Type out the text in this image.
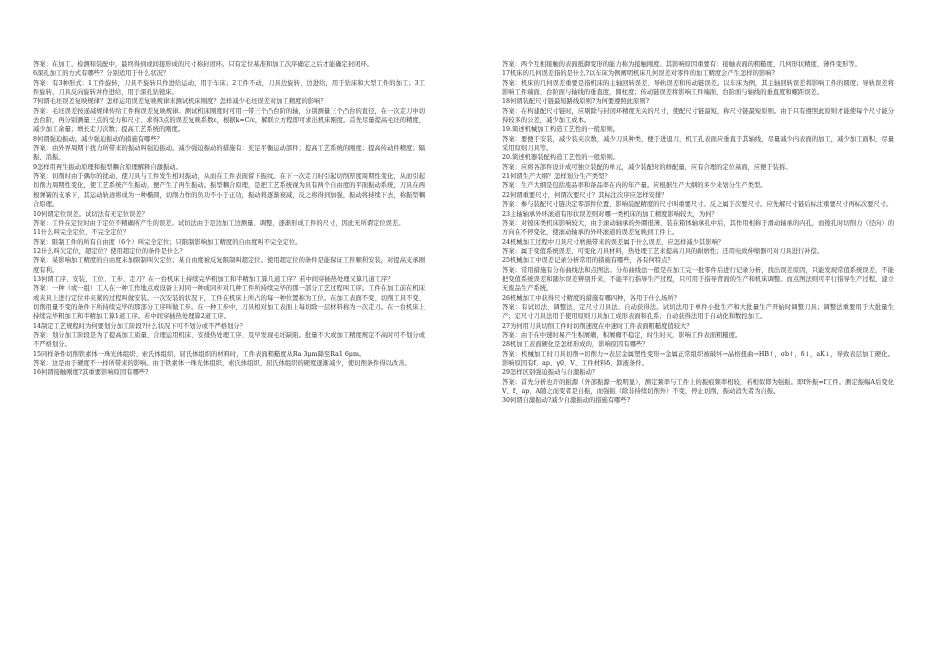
答案：在加工、检测和装配中，最终得到或间接形成的尺寸称封闭环。只有定位基准和加工次序确定之后才能确定封闭环。

6深孔加工的方式有哪些？分别适用于什么状况？

答案：有3种形式：1工件旋转，刀具不旋转只作进给运动，用于车床；2工件不动，刀具边旋转、边进给，用于钻床和大型工件的加工；3工件旋转、刀具反向旋转并作进给，用于深孔钻镗床。

7何谓毛坯误差复映规律？怎样运用误差复映规律来测试机床刚度？怎样减少毛坯误差对加工精度的影响？

答案：毛坯误差按递减规律传给工件称误差复映规律。测试机床刚度时可用一带三个凸台阶的轴，分别测量三个凸台的直径，在一次走刀中切去台阶，再分别测量三点的受力和尺寸，求得3点的误差复映系数ε，根据k=C/ε，解联立方程即可求出机床刚度。首先尽量提高毛坯的精度，减少加工余量；增长走刀次数；提高工艺系统的刚度。

8何谓强迫振动。减少强迫振动的措施有哪些？

答案：由外界周期干扰力所带来的振动叫强迫振动。减少强迫振动的措施有：充足平衡运动部件；提高工艺系统的刚度；提高传动件精度；隔振、消振。

9怎样用再生振动原理和振型耦合原理解释自激振动。

答案：切削时由于偶尔的扰动，使刀具与工件发生相对振动，从而在工件表面留下振纹。在下一次走刀时引起切削厚度周期性变化，从而引起切削力周期性变化，使工艺系统产生振动，便产生了再生振动。振型耦合原理，是把工艺系统视为具有两个自由度的平面振动系统，刀具在两根弹簧的支承下，其运动轨迹将成为一种椭圆，切削力作的负功不小于正功，振动将逐渐衰减，反之将得到加强，振动将持续下去，称振型耦合原理。

10何谓定位误差。试切法有无定位误差？

答案：工件在定位时由于定位不精确所产生的误差。试切法由于是边加工边测量、调整，逐渐形成工件的尺寸，因此无所谓定位误差。

11什么叫完全定位，不完全定位？

答案：限制工件的所有自由度（6个）叫完全定位；只限制影响加工精度的自由度叫不完全定位。

12什么叫欠定位，超定位？使用超定位的条件是什么？

答案：某影响加工精度的自由度未加限制叫欠定位；某自由度被反复限制叫超定位。使用超定位的条件是能保证工件顺利安装，对提高支承刚度有利。

13何谓工序、安装、工位、工步、走刀？在一台机床上持续完毕粗加工和半精加工算几道工序？若中间穿插热处理又算几道工序？

答案：一种（或一组）工人在一种工作地点或设备上对同一种或同步对几种工件所持续完毕的那一部分工艺过程叫工序。工件在加工前在机床或夹具上进行定位并夹紧的过程叫做安装。一次安装的状况下，工件在机床上所占的每一种位置称为工位。在加工表面不变、切削工具不变、切削用量不变的条件下所持续完毕的那部分工序叫做工步。在一种工步中，刀具相对加工表面上每切除一层材料称为一次走刀。在一台机床上持续完毕粗加工和半精加工算1道工序。若中间穿插热处理算2道工序。

14制定工艺规程时为何要划分加工阶段?什么状况下可不划分或不严格划分？

答案：划分加工阶段是为了提高加工质量、合理运用机床、安排热处理工序、及早发现毛坯缺陷。批量不大或加工精度规定不高时可不划分或不严格划分。

15同样条件切削铁素体一珠光体组织、索氏体组织、屈氏体组织的材料时，工件表面粗糙度从Ra 3μm降至Ra1 6μm。

答案：这是由于硬度不一样所带来的影响。由于铁素体一珠光体组织、索氏体组织、屈氏体组织的硬度逐渐减少，使切削条件得以改善。

16何谓接触刚度?其重要影响原因有哪些?

答案：两个互相接触的表面抵御变形的能力称为接触刚度。其影响原因重要有：接触表面的粗糙度、几何形状精度、薄件变形等。

17机床的几何误差指的是什么?以车床为例阐明机床几何误差对零件的加工精度会产生怎样的影响?

答案：机床的几何误差重要是指机床的主轴回转误差、导轨误差和传动链误差。以车床为例，其主轴回转误差将影响工件的圆度；导轨误差将影响工件端面、台阶面与轴线的垂直度，圆柱度；传动链误差将影响工件端面、台阶面与轴线的垂直度和螺距误差。

18何谓装配尺寸链最短路线原则?为何要遵照此原则?

答案：在构建配尺寸链时，应剔除与封闭环精度无关的尺寸，使配尺寸链最短，称尺寸链最短原则。由于只有遵照此原则才能使每个尺寸能分得较多的公差，减少加工成本。

19.简述机械加工构造工艺性的一般原则。

答案：要便于安装，减少装夹次数，减少刀具种类，便于进退刀，机工孔表面应垂直于其轴线，尽量减少内表面的加工，减少加工面积，尽量采用原则刀具等。

20.简述机器装配构造工艺性的一般原则。

答案：应将各部件设计成可独立装配的单元，减少装配时的修配量，应有合理的定位基面，应便于装拆。

21何谓生产大纲？怎样划分生产类型？

答案：生产大纲是包括废品率和备品率在内的年产量。应根据生产大纲的多少来划分生产类型。

22何谓重要尺寸，何谓次要尺寸？其标注次序应怎样安排？

答案：参与装配尺寸链决定零部件位置、影响装配精度的尺寸叫重要尺寸。反之属于次要尺寸。应先解尺寸链后标注重要尺寸再标次要尺寸。

23主轴轴承外环滚道有形状误差则对哪一类机床的加工精度影响较大，为何？

答案：对镗床类机床影响较大，由于滚动轴承的外圈很薄，装在箱体轴承孔中后，其作用相称于滑动轴承的内孔，而镗孔时切削力（径向）的方向在不停变化，使滚动轴承的外环滚道的误差复映到工件上。

24机械加工过程中刀具尺寸磨损带来的误差属于什么误差，应怎样减少其影响？

答案：属于变值系统误差，可变化刀具材料，热处理工艺来提高刀具的耐磨性；还用电致伸缩器可对刀具进行补偿。

25机械加工中误差记录分析常用的措施有哪些，各有何特点？

答案：常用措施有分布曲线法和点图法。分布曲线法一般是在加工完一批零件后进行记录分析，找出误差原因，只能发现常值系统误差，不能把变值系统误差和随尔误差辨别开来，不能平行指导生产过程，只可用于指导背面的生产和机床调整。而点图法则可平行指导生产过程，建立无废品生产系统。

26机械加工中获得尺寸精度的措施有哪四种，各用于什么场所？

答案：有试切法、调整法、定尺寸刀具法、自动获得法。试切法用于单件小批生产和大批量生产开始时调整刀具；调整法重要用于大批量生产；定尺寸刀具法用于使用原则刀具加工成形表面和孔系；自动获得法用于自动化和数控加工。

27为何用刀具切削工件时切削速度在中速时工件表面粗糙度值较大？

答案：由于在中速时易产生积屑瘤，积屑瘤不稳定，时生时灭，影响工件表面粗糙度。

28机加工表面硬化是怎样形成的，影响原因有哪些？

答案：机械加工时刀具切削→切削力→表层金属塑性变形→金属正常组织被破坏→晶格扭曲→HB↑，σb↑，δ↓，aK↓，导致表层加工硬化。影响原因有f、ap、γ0、V、工件材料δ、卸液条件。

29怎样区别强迫振动与自激振动？

答案：首先分析也许的振源（外部振源一般明显），测定频率与工件上的振痕频率相较，若相似即为强振。即f外振=f工件。测定振幅A后变化V、f、ap，A随之而变者是自振，而强振（除非持续切削外）不变，停止切削，振动消失者为自振。

30何谓自激振动?减少自激振动的措施有哪些?
